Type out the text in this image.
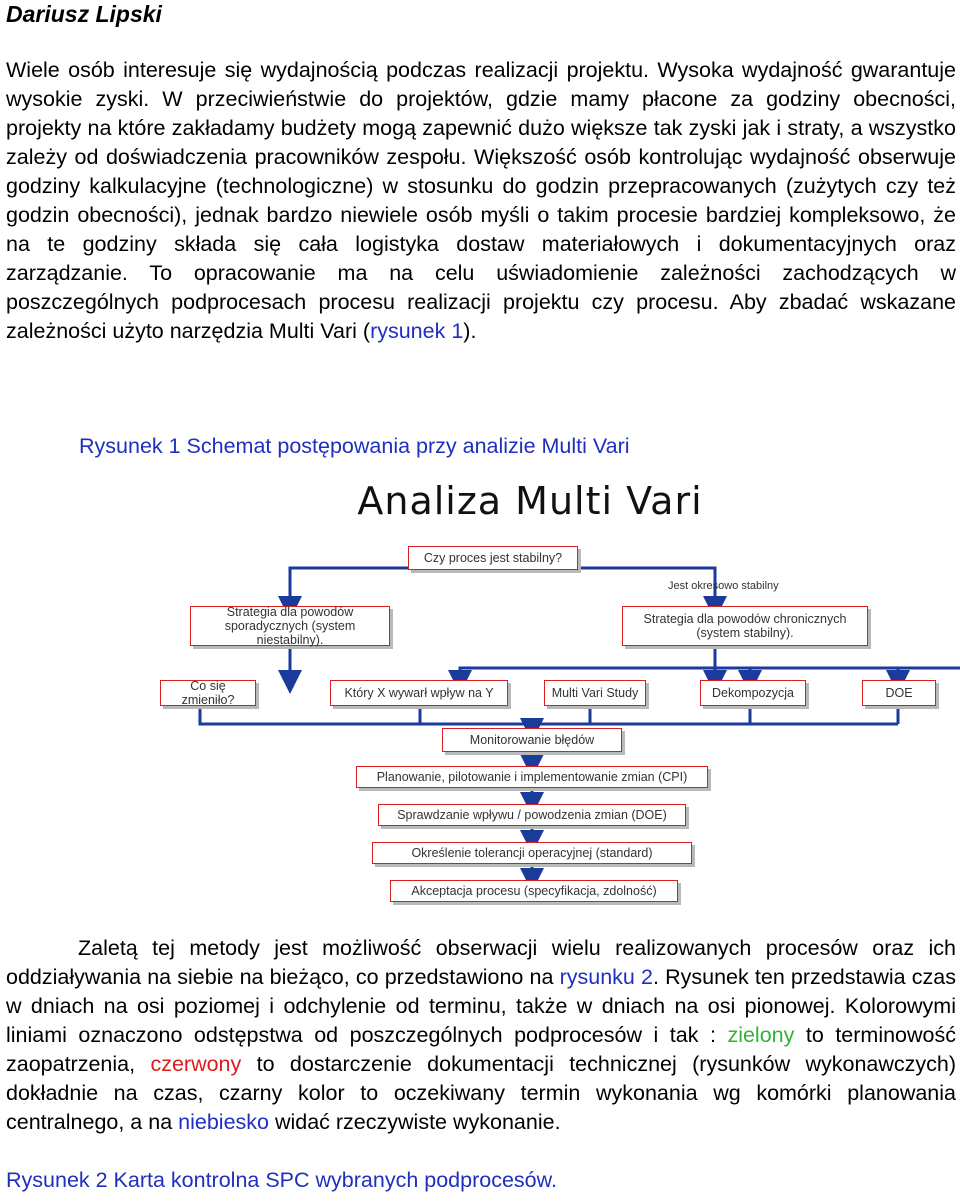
Dariusz Lipski

Wiele osób interesuje się wydajnością podczas realizacji projektu. Wysoka wydajność gwarantuje wysokie zyski. W przeciwieństwie do projektów, gdzie mamy płacone za godziny obecności, projekty na które zakładamy budżety mogą zapewnić dużo większe tak zyski jak i straty, a wszystko zależy od doświadczenia pracowników zespołu. Większość osób kontrolując wydajność obserwuje godziny kalkulacyjne (technologiczne) w stosunku do godzin przepracowanych (zużytych czy też godzin obecności), jednak bardzo niewiele osób myśli o takim procesie bardziej kompleksowo, że na te godziny składa się cała logistyka dostaw materiałowych i dokumentacyjnych oraz zarządzanie. To opracowanie ma na celu uświadomienie zależności zachodzących w poszczególnych podprocesach procesu realizacji projektu czy procesu. Aby zbadać wskazane zależności użyto narzędzia Multi Vari (rysunek 1).

Rysunek 1 Schemat postępowania przy analizie Multi Vari
Analiza Multi Vari
Czy proces jest stabilny?
Jest okresowo stabilny
Strategia dla powodów sporadycznych (system niestabilny).
Strategia dla powodów chronicznych (system stabilny).
Co się zmieniło?	Który X wywarł wpływ na Y	Multi Vari Study	Dekompozycja	DOE
Monitorowanie błędów
Planowanie, pilotowanie i implementowanie zmian (CPI)
Sprawdzanie wpływu / powodzenia zmian (DOE)
Określenie tolerancji operacyjnej (standard)
Akceptacja procesu (specyfikacja, zdolność)

Zaletą tej metody jest możliwość obserwacji wielu realizowanych procesów oraz ich oddziaływania na siebie na bieżąco, co przedstawiono na rysunku 2. Rysunek ten przedstawia czas w dniach na osi poziomej i odchylenie od terminu, także w dniach na osi pionowej. Kolorowymi liniami oznaczono odstępstwa od poszczególnych podprocesów i tak : zielony to terminowość zaopatrzenia, czerwony to dostarczenie dokumentacji technicznej (rysunków wykonawczych) dokładnie na czas, czarny kolor to oczekiwany termin wykonania wg komórki planowania centralnego, a na niebiesko widać rzeczywiste wykonanie.

Rysunek 2 Karta kontrolna SPC wybranych podprocesów.
